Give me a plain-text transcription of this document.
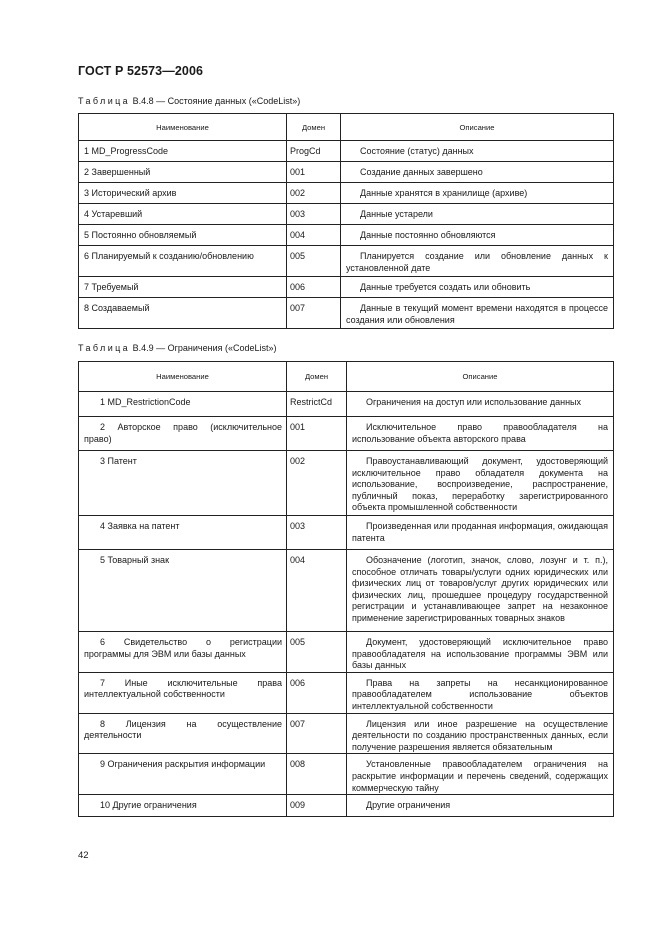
ГОСТ Р 52573—2006
Таблица B.4.8 — Состояние данных («CodeList»)
Наименование	Домен	Описание
1 MD_ProgressCode	ProgCd	Состояние (статус) данных
2 Завершенный	001	Создание данных завершено
3 Исторический архив	002	Данные хранятся в хранилище (архиве)
4 Устаревший	003	Данные устарели
5 Постоянно обновляемый	004	Данные постоянно обновляются
6 Планируемый к созданию/обновлению	005	Планируется создание или обновление данных к установленной дате
7 Требуемый	006	Данные требуется создать или обновить
8 Создаваемый	007	Данные в текущий момент времени находятся в процессе создания или обновления
Таблица B.4.9 — Ограничения («CodeList»)
Наименование	Домен	Описание
1 MD_RestrictionCode	RestrictCd	Ограничения на доступ или использование данных
2 Авторское право (исключительное право)	001	Исключительное право правообладателя на использование объекта авторского права
3 Патент	002	Правоустанавливающий документ, удостоверяющий исключительное право обладателя документа на использование, воспроизведение, распространение, публичный показ, переработку зарегистрированного объекта промышленной собственности
4 Заявка на патент	003	Произведенная или проданная информация, ожидающая патента
5 Товарный знак	004	Обозначение (логотип, значок, слово, лозунг и т. п.), способное отличать товары/услуги одних юридических или физических лиц от товаров/услуг других юридических или физических лиц, прошедшее процедуру государственной регистрации и устанавливающее запрет на незаконное применение зарегистрированных товарных знаков
6 Свидетельство о регистрации программы для ЭВМ или базы данных	005	Документ, удостоверяющий исключительное право правообладателя на использование программы ЭВМ или базы данных
7 Иные исключительные права интеллектуальной собственности	006	Права на запреты на несанкционированное правообладателем использование объектов интеллектуальной собственности
8 Лицензия на осуществление деятельности	007	Лицензия или иное разрешение на осуществление деятельности по созданию пространственных данных, если получение разрешения является обязательным
9 Ограничения раскрытия информации	008	Установленные правообладателем ограничения на раскрытие информации и перечень сведений, содержащих коммерческую тайну
10 Другие ограничения	009	Другие ограничения
42
